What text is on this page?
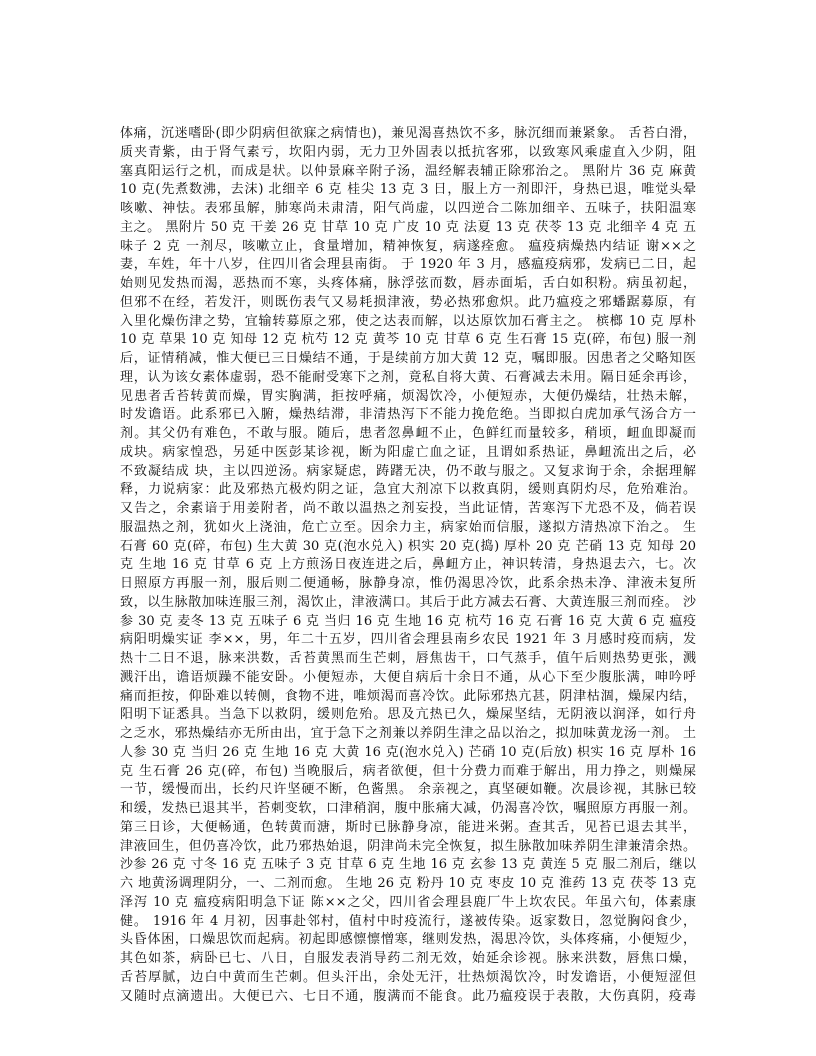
体痛，沉迷嗜卧(即少阴病但欲寐之病情也)，兼见渴喜热饮不多，脉沉细而兼紧象。 舌苔白滑，
质夹青紫，由于肾气素亏，坎阳内弱，无力卫外固表以抵抗客邪，以致寒风乘虚直入少阴，阻
塞真阳运行之机，而成是状。以仲景麻辛附子汤，温经解表辅正除邪治之。 黑附片 36 克 麻黄
10 克(先煮数沸，去沫) 北细辛 6 克 桂尖 13 克 3 日，服上方一剂即汗，身热已退，唯觉头晕
咳嗽、神怯。表邪虽解，肺寒尚未肃清，阳气尚虚，以四逆合二陈加细辛、五味子，扶阳温寒
主之。 黑附片 50 克 干姜 26 克 甘草 10 克 广皮 10 克 法夏 13 克 茯苓 13 克 北细辛 4 克 五
味子 2 克 一剂尽，咳嗽立止，食量增加，精神恢复，病遂痊愈。 瘟疫病燥热内结证 谢××之
妻，车姓，年十八岁，住四川省会理县南街。 于 1920 年 3 月，感瘟疫病邪，发病已二日，起
始则见发热而渴，恶热而不寒，头疼体痛，脉浮弦而数，唇赤面垢，舌白如积粉。病虽初起，
但邪不在经，若发汗，则既伤表气又易耗损津液，势必热邪愈炽。此乃瘟疫之邪蟠踞募原，有
入里化燥伤津之势，宜输转募原之邪，使之达表而解，以达原饮加石膏主之。 槟榔 10 克 厚朴
10 克 草果 10 克 知母 12 克 杭芍 12 克 黄芩 10 克 甘草 6 克 生石膏 15 克(碎，布包) 服一剂
后，证情稍减，惟大便已三日燥结不通，于是续前方加大黄 12 克，嘱即服。因患者之父略知医
理，认为该女素体虚弱，恐不能耐受寒下之剂，竟私自将大黄、石膏减去未用。隔日延余再诊，
见患者舌苔转黄而燥，胃实胸满，拒按呼痛，烦渴饮冷，小便短赤，大便仍燥结，壮热未解，
时发谵语。此系邪已入腑，燥热结滞，非清热泻下不能力挽危绝。当即拟白虎加承气汤合方一
剂。其父仍有难色，不敢与服。随后，患者忽鼻衄不止，色鲜红而量较多，稍顷，衄血即凝而
成块。病家惶恐，另延中医彭某诊视，断为阳虚亡血之证，且谓如系热证，鼻衄流出之后，必
不致凝结成 块，主以四逆汤。病家疑虑，踌躇无决，仍不敢与服之。又复求询于余，余据理解
释，力说病家：此及邪热亢极灼阴之证，急宜大剂凉下以救真阴，缓则真阴灼尽，危殆难治。
又告之，余素谙于用姜附者，尚不敢以温热之剂妄投，当此证情，苦寒泻下尤恐不及，倘若误
服温热之剂，犹如火上浇油，危亡立至。因余力主，病家始而信服，遂拟方清热凉下治之。 生
石膏 60 克(碎，布包) 生大黄 30 克(泡水兑入) 枳实 20 克(捣) 厚朴 20 克 芒硝 13 克 知母 20
克 生地 16 克 甘草 6 克 上方煎汤日夜连进之后，鼻衄方止，神识转清，身热退去六，七。次
日照原方再服一剂，服后则二便通畅，脉静身凉，惟仍渴思冷饮，此系余热未净、津液未复所
致，以生脉散加味连服三剂，渴饮止，津液满口。其后于此方减去石膏、大黄连服三剂而痊。 沙
参 30 克 麦冬 13 克 五味子 6 克 当归 16 克 生地 16 克 杭芍 16 克 石膏 16 克 大黄 6 克 瘟疫
病阳明燥实证 李××，男，年二十五岁，四川省会理县南乡农民 1921 年 3 月感时疫而病，发
热十二日不退，脉来洪数，舌苔黄黑而生芒刺，唇焦齿干，口气蒸手，值午后则热势更张，溅
溅汗出，谵语烦躁不能安卧。小便短赤，大便自病后十余日不通，从心下至少腹胀满，呻吟呼
痛而拒按，仰卧难以转侧，食物不进，唯烦渴而喜冷饮。此际邪热亢甚，阴津枯涸，燥屎内结，
阳明下证悉具。当急下以救阴，缓则危殆。思及亢热已久，燥屎坚结，无阴液以润泽，如行舟
之乏水，邪热燥结亦无所由出，宜于急下之剂兼以养阴生津之品以治之，拟加味黄龙汤一剂。 土
人参 30 克 当归 26 克 生地 16 克 大黄 16 克(泡水兑入) 芒硝 10 克(后放) 枳实 16 克 厚朴 16
克 生石膏 26 克(碎，布包) 当晚服后，病者欲便，但十分费力而难于解出，用力挣之，则燥屎
一节，缓慢而出，长约尺许坚硬不断，色酱黑。 余亲视之，真坚硬如鞭。次晨诊视，其脉已较
和缓，发热已退其半，苔刺变软，口津稍润，腹中胀痛大减，仍渴喜冷饮，嘱照原方再服一剂。
第三日诊，大便畅通，色转黄而溏，斯时已脉静身凉，能进米粥。查其舌，见苔已退去其半，
津液回生，但仍喜冷饮，此乃邪热始退，阴津尚未完全恢复，拟生脉散加味养阴生津兼清余热。
沙参 26 克 寸冬 16 克 五味子 3 克 甘草 6 克 生地 16 克 玄参 13 克 黄连 5 克 服二剂后，继以
六 地黄汤调理阴分，一、二剂而愈。 生地 26 克 粉丹 10 克 枣皮 10 克 淮药 13 克 茯苓 13 克
泽泻 10 克 瘟疫病阳明急下证 陈××之父，四川省会理县鹿厂牛上坎农民。年虽六旬，体素康
健。 1916 年 4 月初，因事赴邻村，值村中时疫流行，遂被传染。返家数日，忽觉胸闷食少，
头昏体困，口燥思饮而起病。初起即感懔懔憎寒，继则发热，渴思冷饮，头体疼痛，小便短少，
其色如茶，病卧已七、八日，自服发表消导药二剂无效，始延余诊视。脉来洪数，唇焦口燥，
舌苔厚腻，边白中黄而生芒刺。但头汗出，余处无汗，壮热烦渴饮冷，时发谵语，小便短涩但
又随时点滴遗出。大便已六、七日不通，腹满而不能食。此乃瘟疫误于表散，大伤真阴，疫毒
